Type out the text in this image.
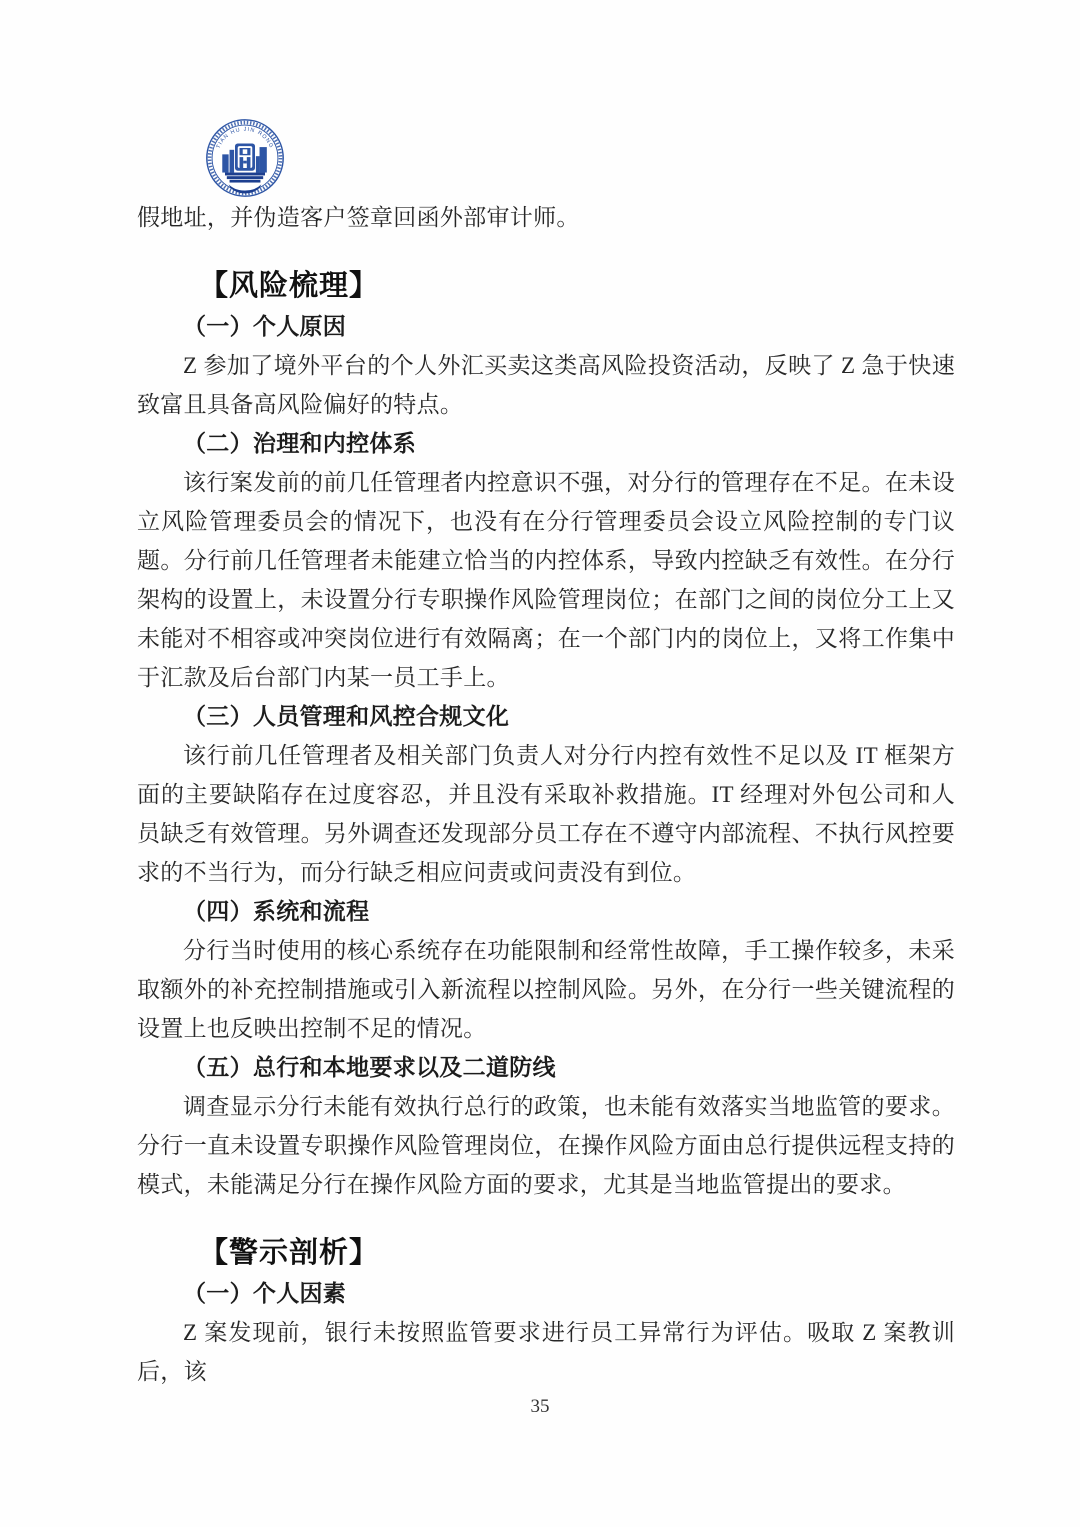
TIAN HU JIN RONG

假地址，并伪造客户签章回函外部审计师。

【风险梳理】
（一）个人原因

Z 参加了境外平台的个人外汇买卖这类高风险投资活动，反映了 Z 急于快速致富且具备高风险偏好的特点。

（二）治理和内控体系

该行案发前的前几任管理者内控意识不强，对分行的管理存在不足。在未设立风险管理委员会的情况下，也没有在分行管理委员会设立风险控制的专门议题。分行前几任管理者未能建立恰当的内控体系，导致内控缺乏有效性。在分行架构的设置上，未设置分行专职操作风险管理岗位；在部门之间的岗位分工上又未能对不相容或冲突岗位进行有效隔离；在一个部门内的岗位上，又将工作集中于汇款及后台部门内某一员工手上。

（三）人员管理和风控合规文化

该行前几任管理者及相关部门负责人对分行内控有效性不足以及 IT 框架方面的主要缺陷存在过度容忍，并且没有采取补救措施。IT 经理对外包公司和人员缺乏有效管理。另外调查还发现部分员工存在不遵守内部流程、不执行风控要求的不当行为，而分行缺乏相应问责或问责没有到位。

（四）系统和流程

分行当时使用的核心系统存在功能限制和经常性故障，手工操作较多，未采取额外的补充控制措施或引入新流程以控制风险。另外，在分行一些关键流程的设置上也反映出控制不足的情况。

（五）总行和本地要求以及二道防线

调查显示分行未能有效执行总行的政策，也未能有效落实当地监管的要求。分行一直未设置专职操作风险管理岗位，在操作风险方面由总行提供远程支持的模式，未能满足分行在操作风险方面的要求，尤其是当地监管提出的要求。

【警示剖析】
（一）个人因素

Z 案发现前，银行未按照监管要求进行员工异常行为评估。吸取 Z 案教训后，该

35
